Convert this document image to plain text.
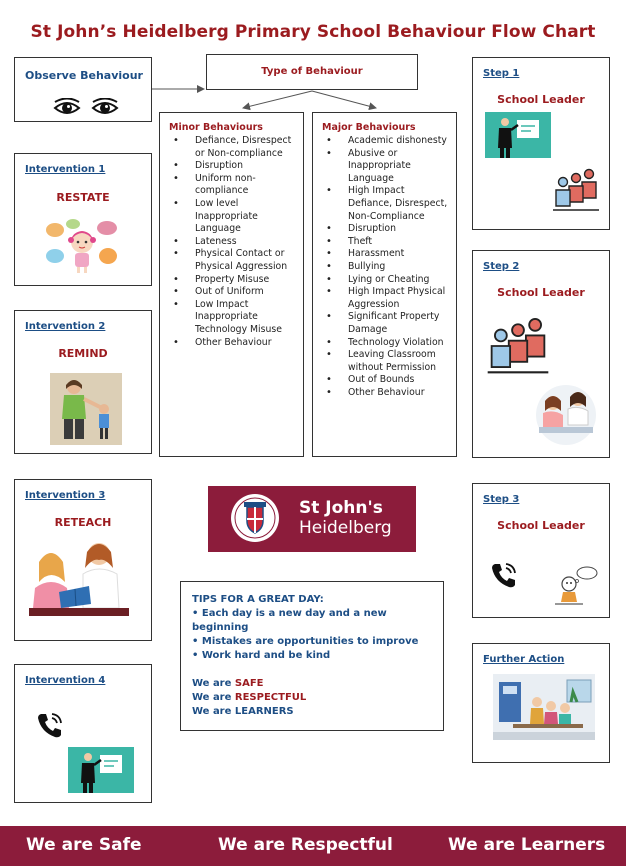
St John’s Heidelberg Primary School Behaviour Flow Chart
Observe Behaviour
Intervention 1
RESTATE
Intervention 2
REMIND
Intervention 3
RETEACH
Intervention 4
Type of Behaviour
Minor Behaviours
• Defiance, Disrespect or Non-compliance
• Disruption
• Uniform non-compliance
• Low level Inappropriate Language
• Lateness
• Physical Contact or Physical Aggression
• Property Misuse
• Out of Uniform
• Low Impact Inappropriate Technology Misuse
• Other Behaviour
Major Behaviours
• Academic dishonesty
• Abusive or Inappropriate Language
• High Impact Defiance, Disrespect, Non-Compliance
• Disruption
• Theft
• Harassment
• Bullying
• Lying or Cheating
• High Impact Physical Aggression
• Significant Property Damage
• Technology Violation
• Leaving Classroom without Permission
• Out of Bounds
• Other Behaviour
Step 1
School Leader
Step 2
School Leader
St John's
Heidelberg
Step 3
School Leader
TIPS FOR A GREAT DAY:
• Each day is a new day and a new beginning
• Mistakes are opportunities to improve
• Work hard and be kind
We are SAFE
We are RESPECTFUL
We are LEARNERS
Further Action
We are Safe	We are Respectful	We are Learners
